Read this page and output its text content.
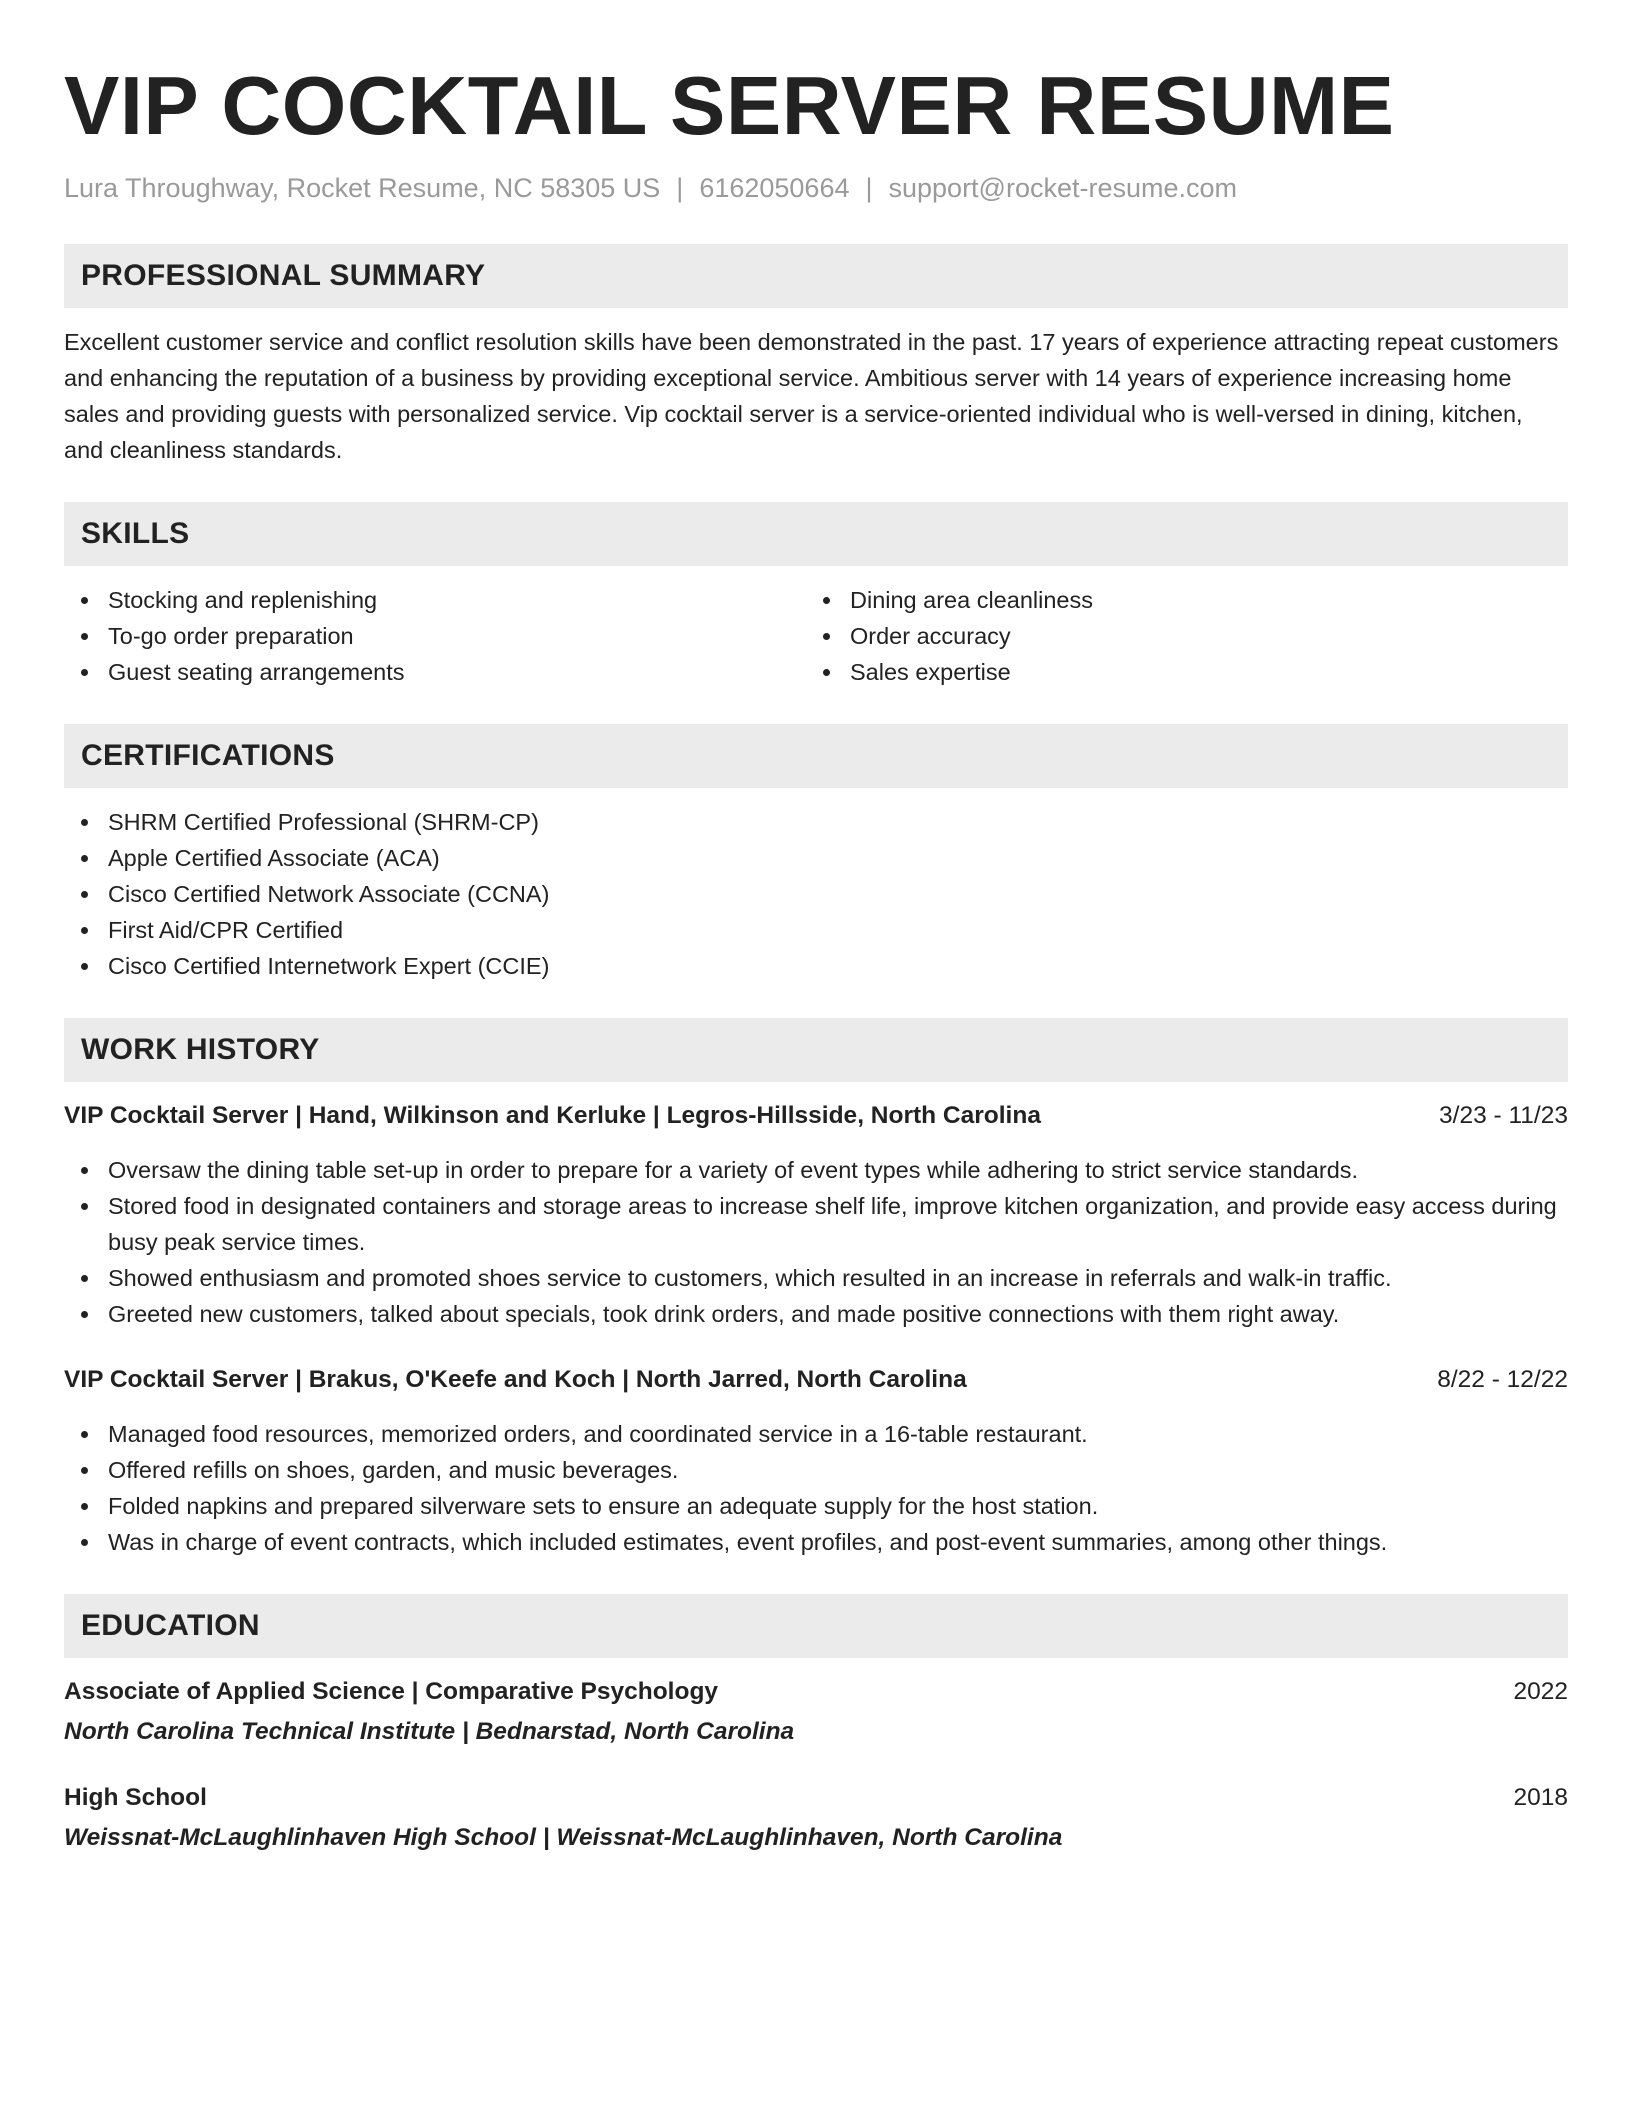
VIP COCKTAIL SERVER RESUME
Lura Throughway, Rocket Resume, NC 58305 US | 6162050664 | support@rocket-resume.com
PROFESSIONAL SUMMARY

Excellent customer service and conflict resolution skills have been demonstrated in the past. 17 years of experience attracting repeat customers and enhancing the reputation of a business by providing exceptional service. Ambitious server with 14 years of experience increasing home sales and providing guests with personalized service. Vip cocktail server is a service-oriented individual who is well-versed in dining, kitchen, and cleanliness standards.

SKILLS
Stocking and replenishing
To-go order preparation
Guest seating arrangements
Dining area cleanliness
Order accuracy
Sales expertise
CERTIFICATIONS
SHRM Certified Professional (SHRM-CP)
Apple Certified Associate (ACA)
Cisco Certified Network Associate (CCNA)
First Aid/CPR Certified
Cisco Certified Internetwork Expert (CCIE)
WORK HISTORY
VIP Cocktail Server | Hand, Wilkinson and Kerluke | Legros-Hillsside, North Carolina	3/23 - 11/23
Oversaw the dining table set-up in order to prepare for a variety of event types while adhering to strict service standards.
Stored food in designated containers and storage areas to increase shelf life, improve kitchen organization, and provide easy access during busy peak service times.
Showed enthusiasm and promoted shoes service to customers, which resulted in an increase in referrals and walk-in traffic.
Greeted new customers, talked about specials, took drink orders, and made positive connections with them right away.
VIP Cocktail Server | Brakus, O'Keefe and Koch | North Jarred, North Carolina	8/22 - 12/22
Managed food resources, memorized orders, and coordinated service in a 16-table restaurant.
Offered refills on shoes, garden, and music beverages.
Folded napkins and prepared silverware sets to ensure an adequate supply for the host station.
Was in charge of event contracts, which included estimates, event profiles, and post-event summaries, among other things.
EDUCATION
Associate of Applied Science | Comparative Psychology	2022
North Carolina Technical Institute | Bednarstad, North Carolina
High School	2018
Weissnat-McLaughlinhaven High School | Weissnat-McLaughlinhaven, North Carolina
